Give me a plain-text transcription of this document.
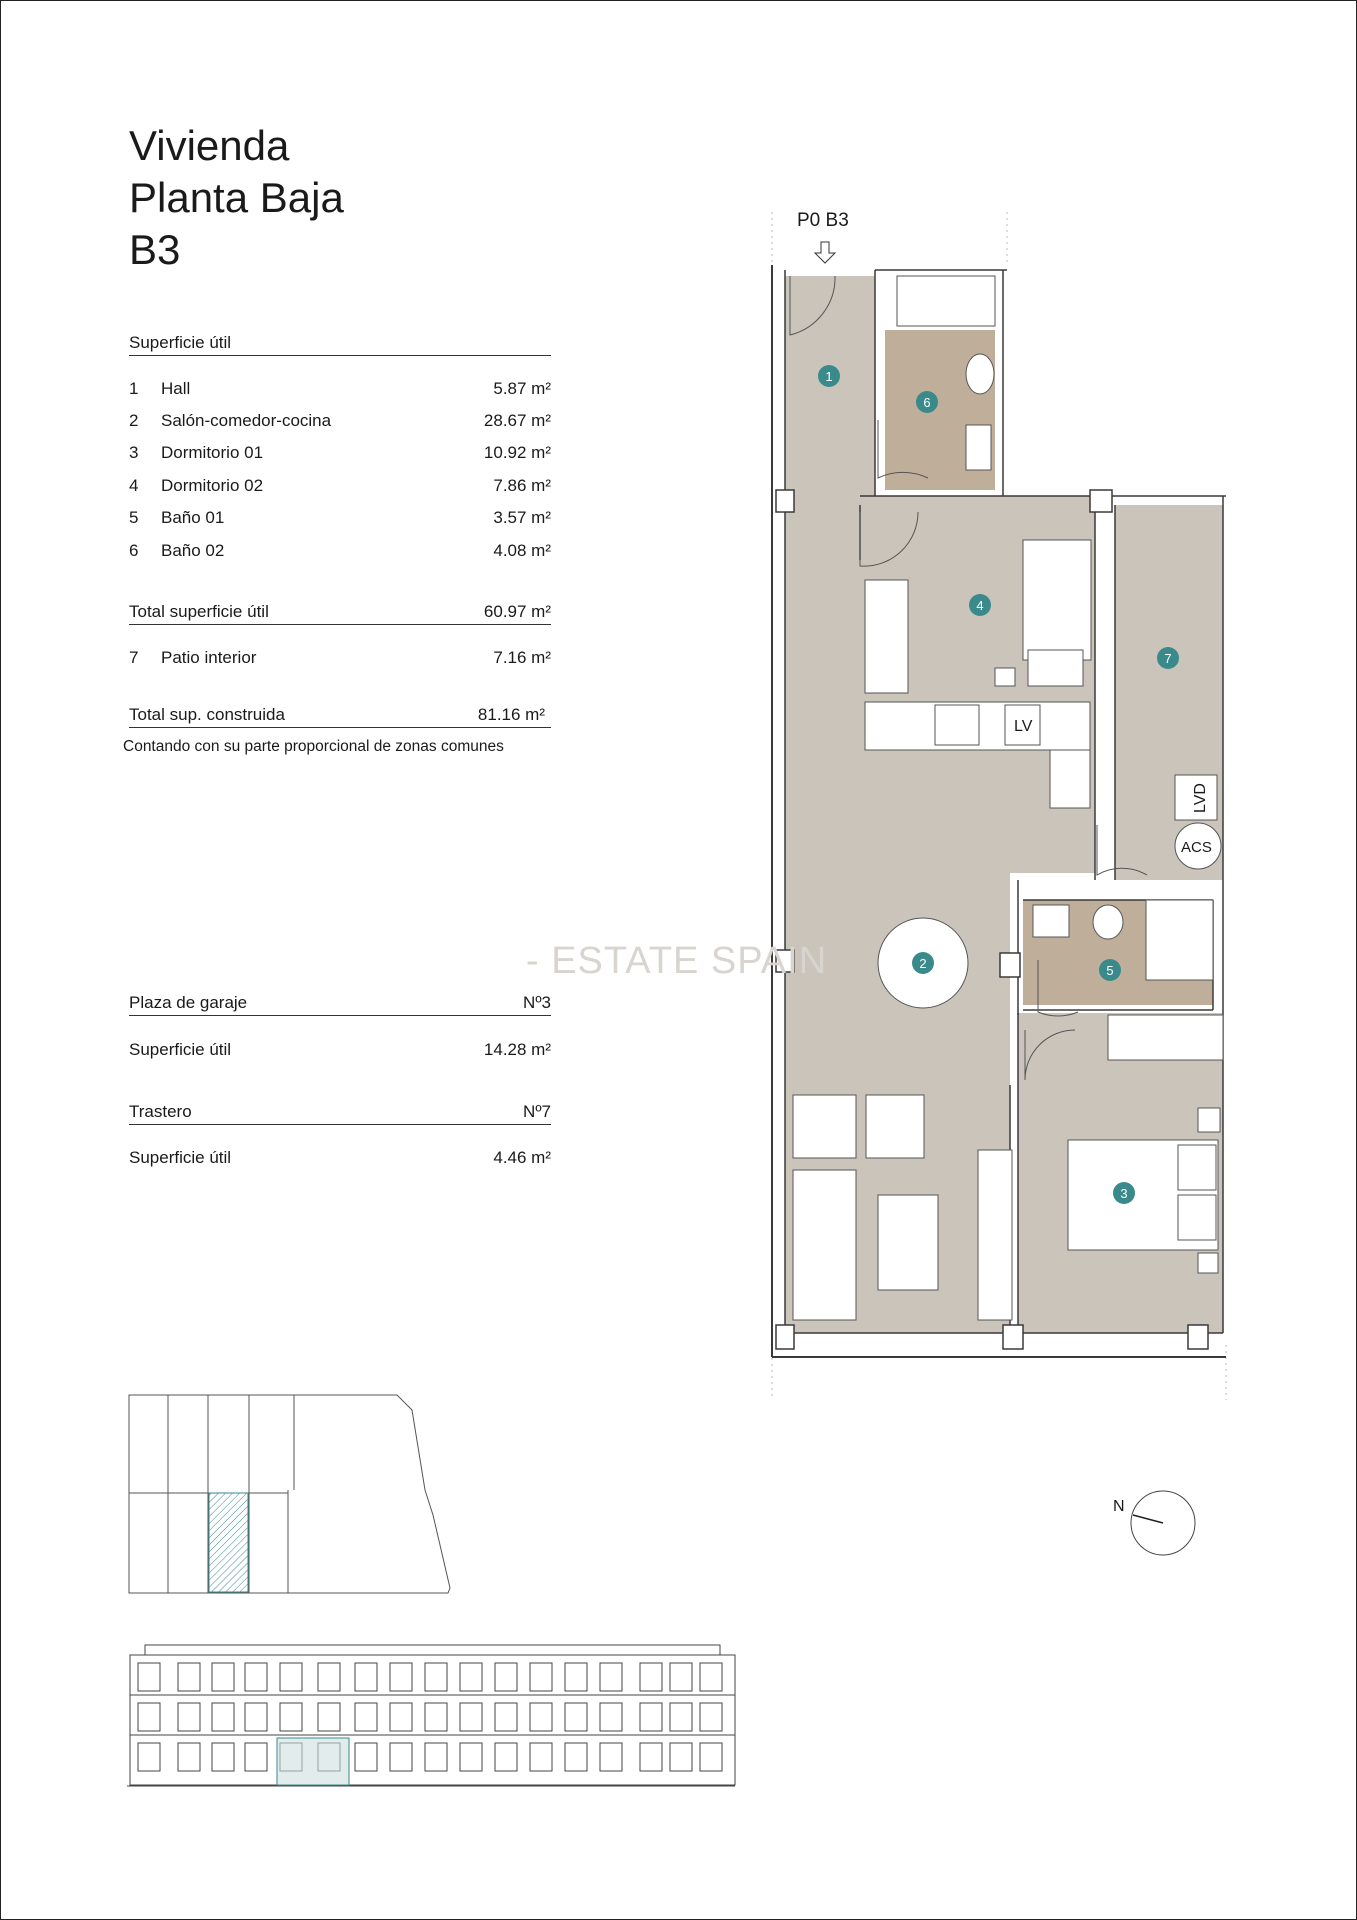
Vivienda
Planta Baja
B3
Superficie útil
1	Hall	5.87 m²
2	Salón-comedor-cocina	28.67 m²
3	Dormitorio 01	10.92 m²
4	Dormitorio 02	7.86 m²
5	Baño 01	3.57 m²
6	Baño 02	4.08 m²
Total superficie útil	60.97 m²
7	Patio interior	7.16 m²
Total sup. construida	81.16 m²
Contando con su parte proporcional de zonas comunes
Plaza de garaje	Nº3
Superficie útil	14.28 m²
Trastero	Nº7
Superficie útil	4.46 m²
P0 B3
1
2
3
4
5
6
7
LV
LVD
ACS
- ESTATE SPAIN
N
